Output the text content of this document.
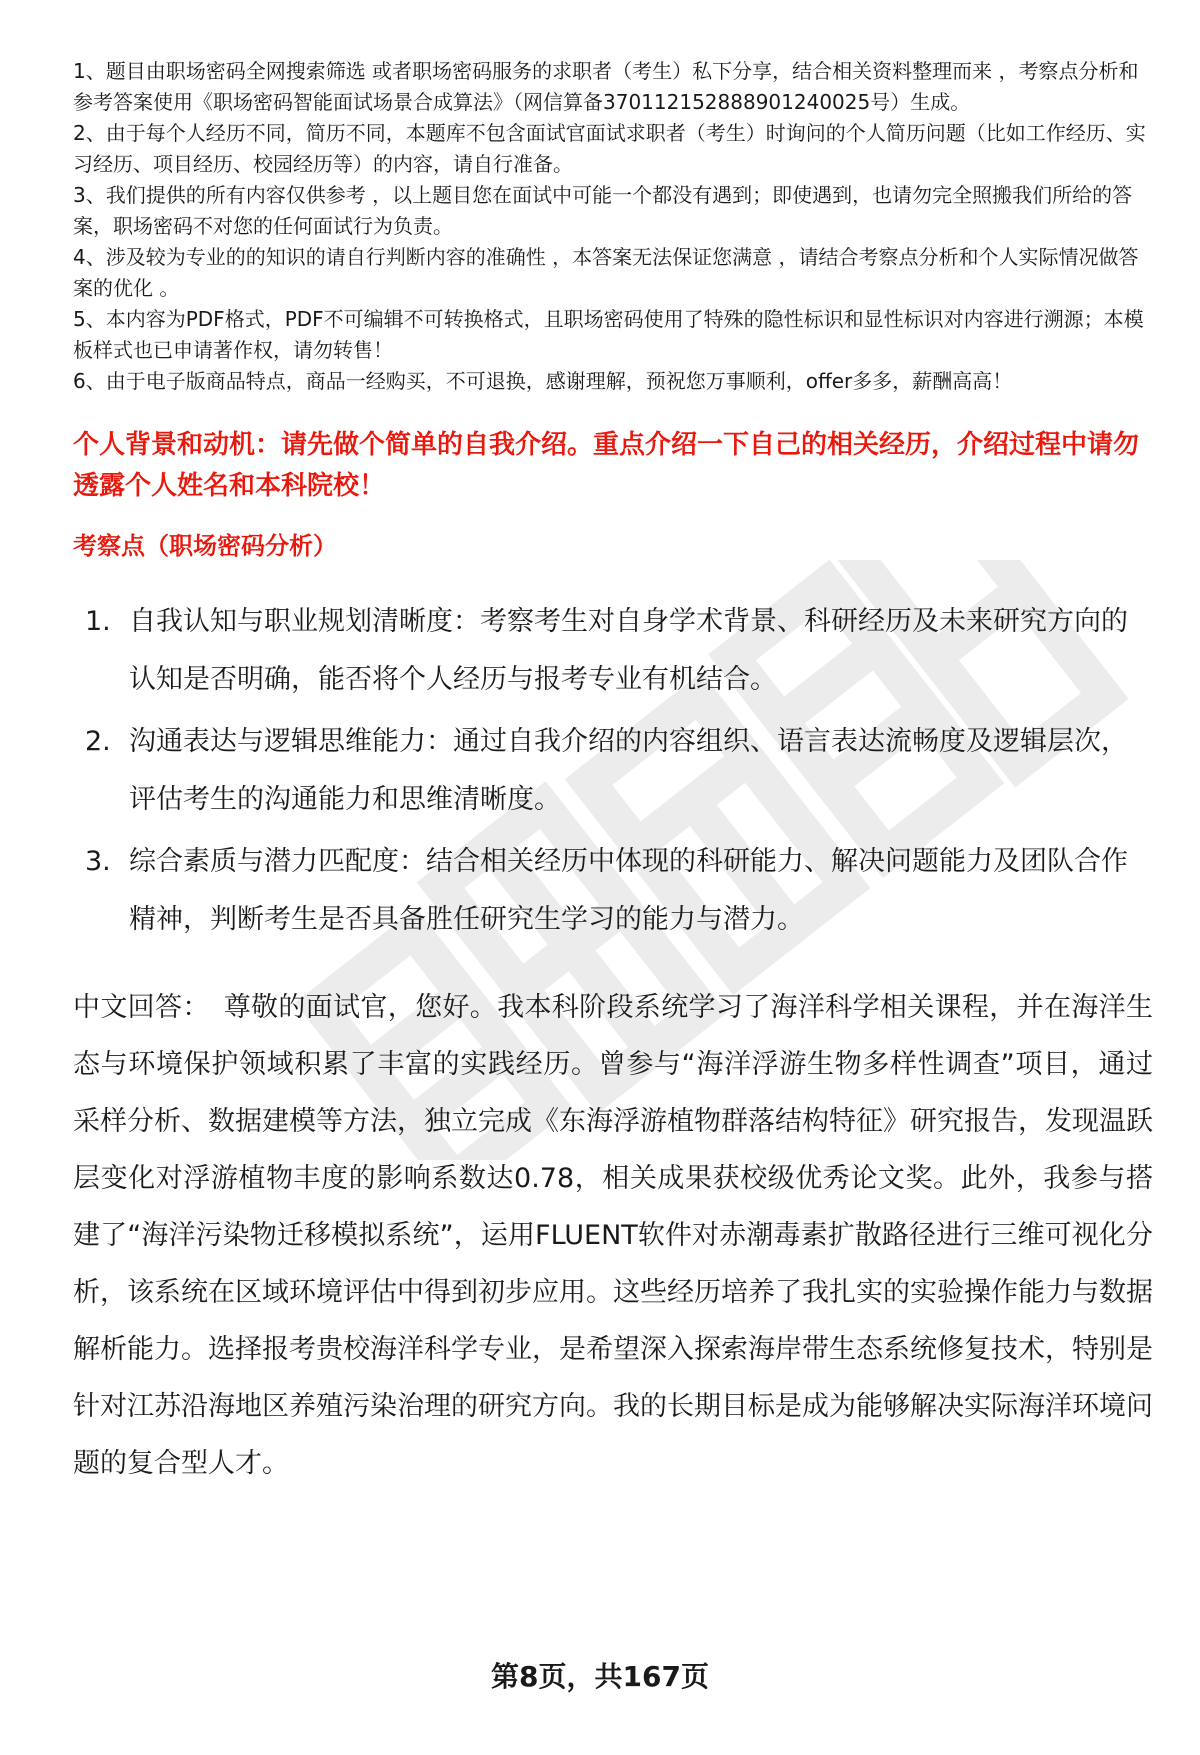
1、题目由职场密码全网搜索筛选 或者职场密码服务的求职者（考生）私下分享，结合相关资料整理而来 ，考察点分析和参考答案使用《职场密码智能面试场景合成算法》（网信算备370112152888901240025号）生成。
2、由于每个人经历不同，简历不同，本题库不包含面试官面试求职者（考生）时询问的个人简历问题（比如工作经历、实习经历、项目经历、校园经历等）的内容，请自行准备。
3、我们提供的所有内容仅供参考 ，以上题目您在面试中可能一个都没有遇到；即使遇到，也请勿完全照搬我们所给的答案，职场密码不对您的任何面试行为负责。
4、涉及较为专业的的知识的请自行判断内容的准确性 ，本答案无法保证您满意 ，请结合考察点分析和个人实际情况做答案的优化 。
5、本内容为PDF格式，PDF不可编辑不可转换格式，且职场密码使用了特殊的隐性标识和显性标识对内容进行溯源；本模板样式也已申请著作权，请勿转售！
6、由于电子版商品特点，商品一经购买，不可退换，感谢理解，预祝您万事顺利，offer多多，薪酬高高！
个人背景和动机：请先做个简单的自我介绍。重点介绍一下自己的相关经历，介绍过程中请勿透露个人姓名和本科院校！
考察点（职场密码分析）
1. 自我认知与职业规划清晰度：考察考生对自身学术背景、科研经历及未来研究方向的认知是否明确，能否将个人经历与报考专业有机结合。
2. 沟通表达与逻辑思维能力：通过自我介绍的内容组织、语言表达流畅度及逻辑层次，评估考生的沟通能力和思维清晰度。
3. 综合素质与潜力匹配度：结合相关经历中体现的科研能力、解决问题能力及团队合作精神，判断考生是否具备胜任研究生学习的能力与潜力。
中文回答： 尊敬的面试官，您好。我本科阶段系统学习了海洋科学相关课程，并在海洋生态与环境保护领域积累了丰富的实践经历。曾参与“海洋浮游生物多样性调查”项目，通过采样分析、数据建模等方法，独立完成《东海浮游植物群落结构特征》研究报告，发现温跃层变化对浮游植物丰度的影响系数达0.78，相关成果获校级优秀论文奖。此外，我参与搭建了“海洋污染物迁移模拟系统”，运用FLUENT软件对赤潮毒素扩散路径进行三维可视化分析，该系统在区域环境评估中得到初步应用。这些经历培养了我扎实的实验操作能力与数据解析能力。选择报考贵校海洋科学专业，是希望深入探索海岸带生态系统修复技术，特别是针对江苏沿海地区养殖污染治理的研究方向。我的长期目标是成为能够解决实际海洋环境问题的复合型人才。
第8页，共167页
